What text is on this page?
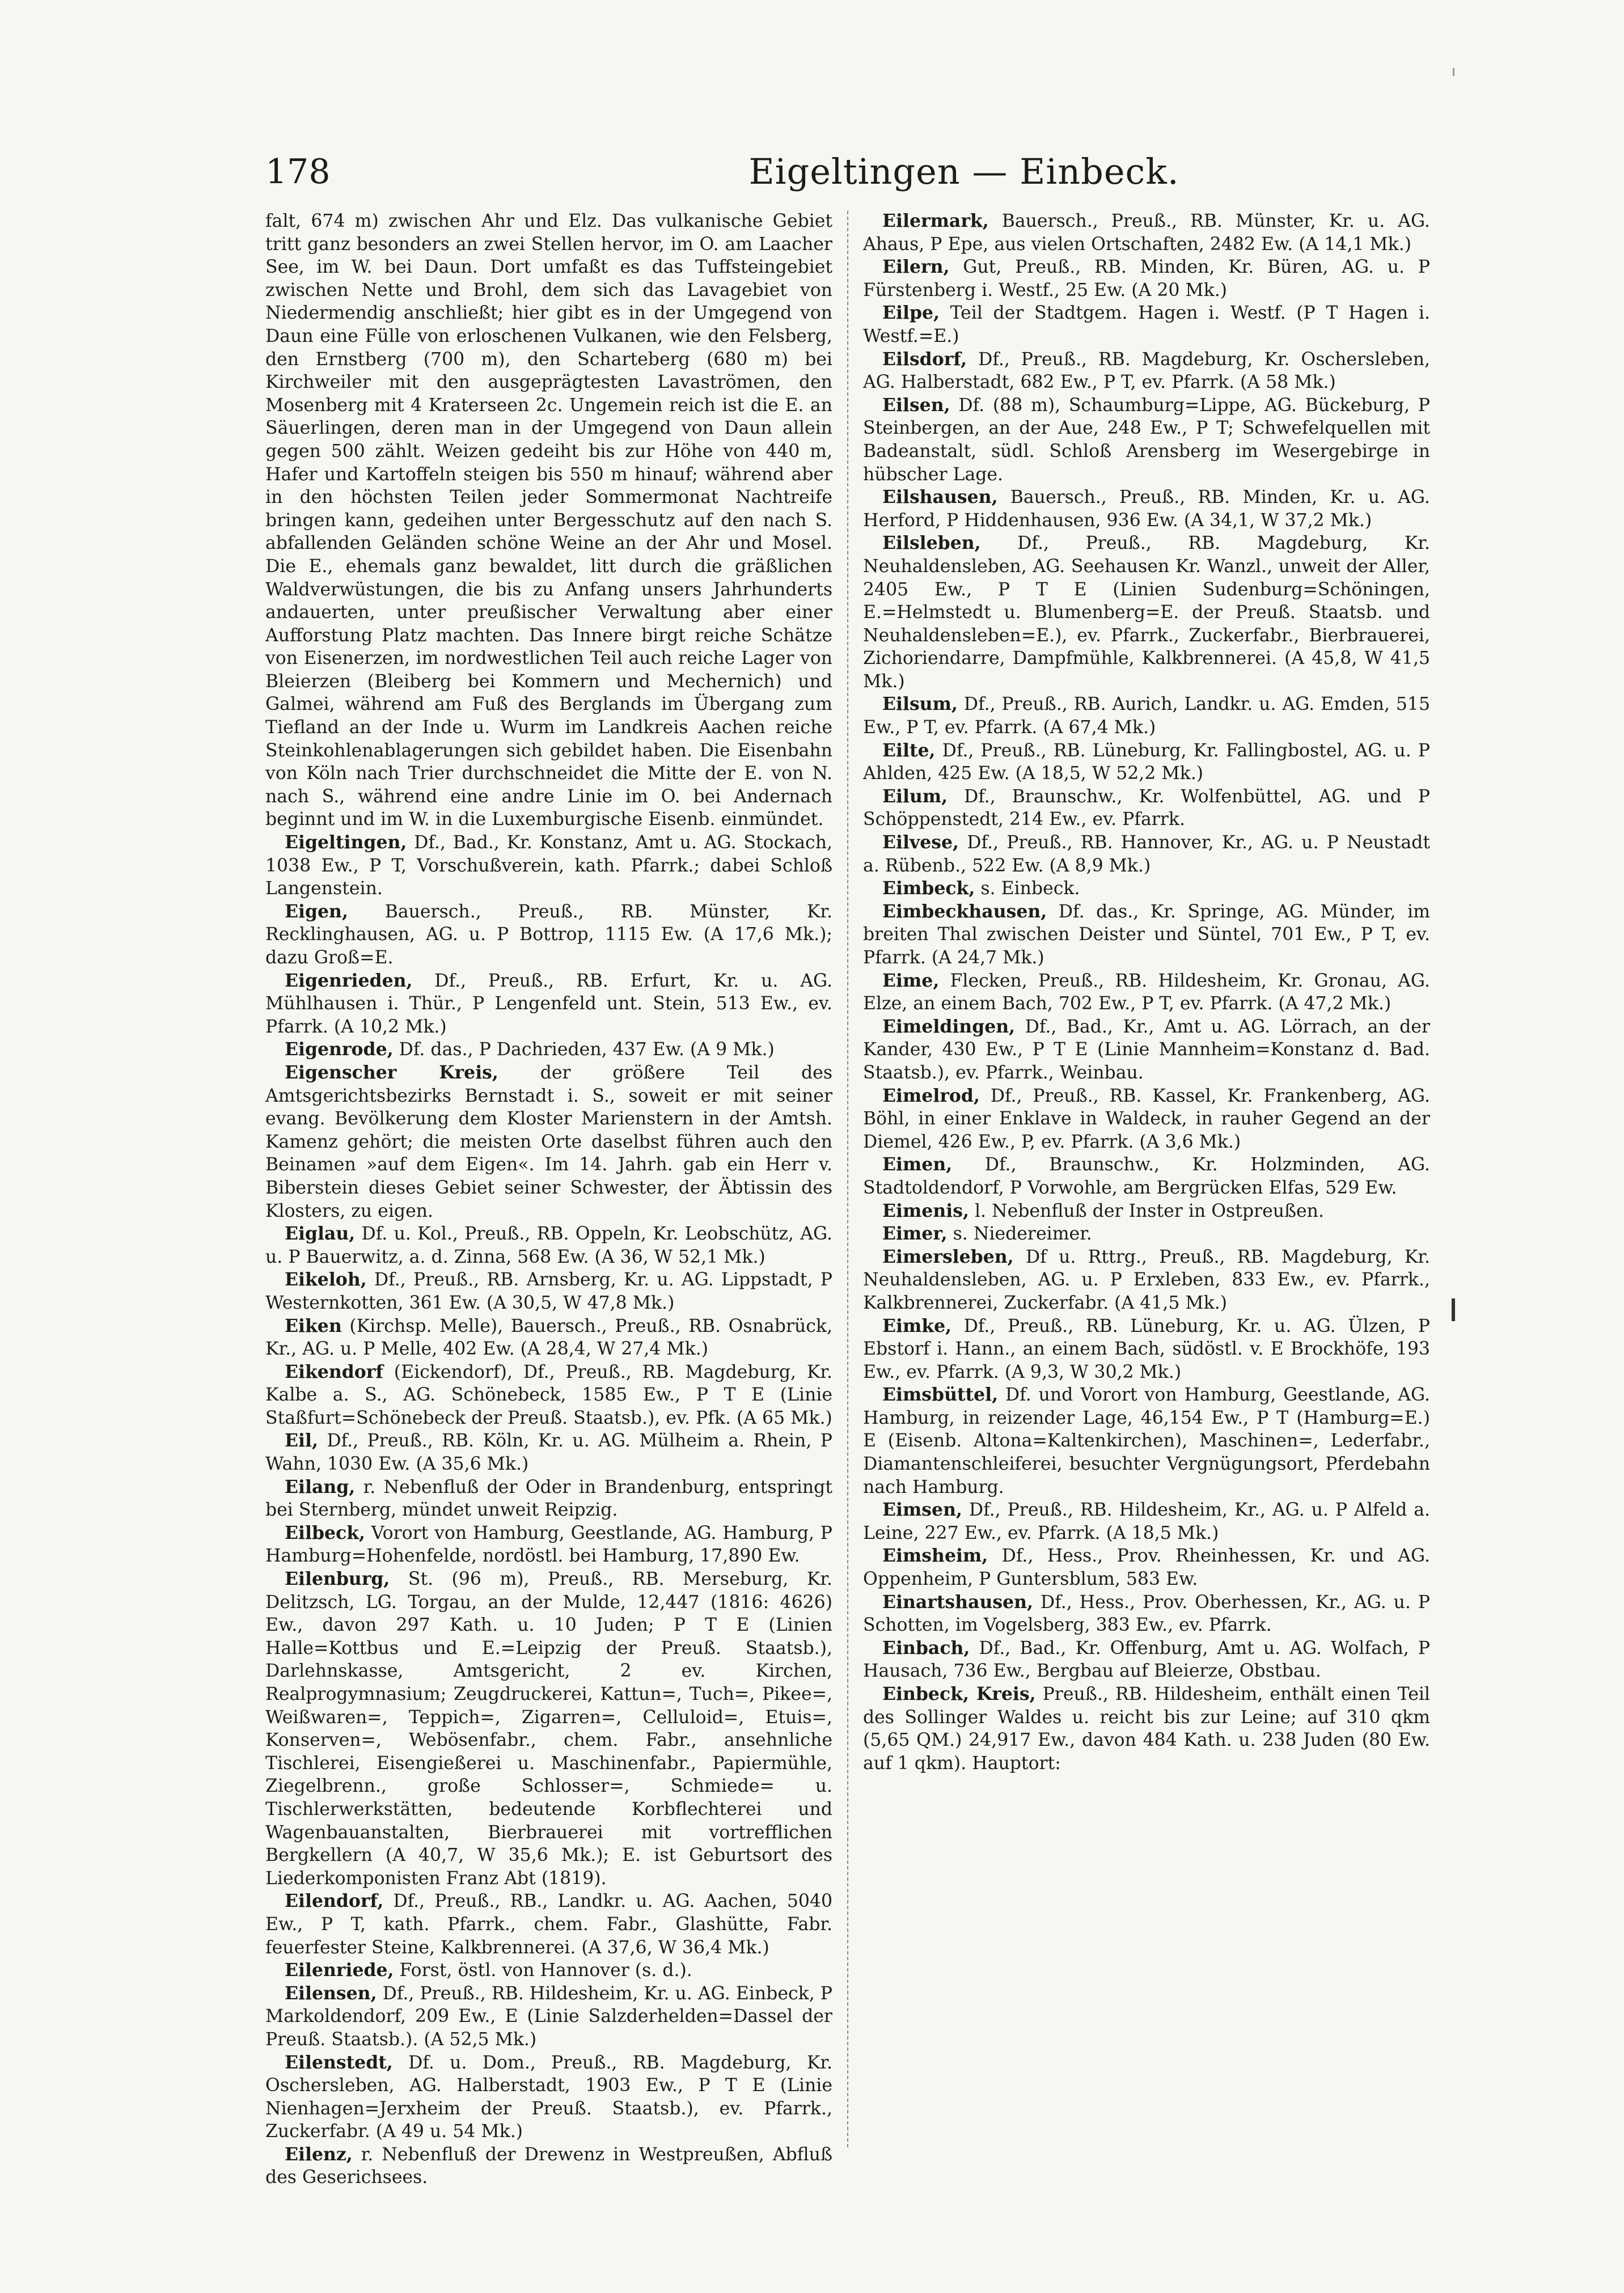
178	Eigeltingen — Einbeck.

falt, 674 m) zwischen Ahr und Elz. Das vulkanische Gebiet tritt ganz besonders an zwei Stellen hervor, im O. am Laacher See, im W. bei Daun. Dort umfaßt es das Tuffsteingebiet zwischen Nette und Brohl, dem sich das Lavagebiet von Niedermendig anschließt; hier gibt es in der Umgegend von Daun eine Fülle von erloschenen Vulkanen, wie den Felsberg, den Ernstberg (700 m), den Scharteberg (680 m) bei Kirchweiler mit den ausgeprägtesten Lavaströmen, den Mosenberg mit 4 Kraterseen 2c. Ungemein reich ist die E. an Säuerlingen, deren man in der Umgegend von Daun allein gegen 500 zählt. Weizen gedeiht bis zur Höhe von 440 m, Hafer und Kartoffeln steigen bis 550 m hinauf; während aber in den höchsten Teilen jeder Sommermonat Nachtreife bringen kann, gedeihen unter Bergesschutz auf den nach S. abfallenden Geländen schöne Weine an der Ahr und Mosel. Die E., ehemals ganz bewaldet, litt durch die gräßlichen Waldverwüstungen, die bis zu Anfang unsers Jahrhunderts andauerten, unter preußischer Verwaltung aber einer Aufforstung Platz machten. Das Innere birgt reiche Schätze von Eisenerzen, im nordwestlichen Teil auch reiche Lager von Bleierzen (Bleiberg bei Kommern und Mechernich) und Galmei, während am Fuß des Berglands im Übergang zum Tiefland an der Inde u. Wurm im Landkreis Aachen reiche Steinkohlenablagerungen sich gebildet haben. Die Eisenbahn von Köln nach Trier durchschneidet die Mitte der E. von N. nach S., während eine andre Linie im O. bei Andernach beginnt und im W. in die Luxemburgische Eisenb. einmündet.

Eigeltingen, Df., Bad., Kr. Konstanz, Amt u. AG. Stockach, 1038 Ew., P T, Vorschußverein, kath. Pfarrk.; dabei Schloß Langenstein.

Eigen, Bauersch., Preuß., RB. Münster, Kr. Recklinghausen, AG. u. P Bottrop, 1115 Ew. (A 17,6 Mk.); dazu Groß=E.

Eigenrieden, Df., Preuß., RB. Erfurt, Kr. u. AG. Mühlhausen i. Thür., P Lengenfeld unt. Stein, 513 Ew., ev. Pfarrk. (A 10,2 Mk.)

Eigenrode, Df. das., P Dachrieden, 437 Ew. (A 9 Mk.)

Eigenscher Kreis, der größere Teil des Amtsgerichtsbezirks Bernstadt i. S., soweit er mit seiner evang. Bevölkerung dem Kloster Marienstern in der Amtsh. Kamenz gehört; die meisten Orte daselbst führen auch den Beinamen »auf dem Eigen«. Im 14. Jahrh. gab ein Herr v. Biberstein dieses Gebiet seiner Schwester, der Äbtissin des Klosters, zu eigen.

Eiglau, Df. u. Kol., Preuß., RB. Oppeln, Kr. Leobschütz, AG. u. P Bauerwitz, a. d. Zinna, 568 Ew. (A 36, W 52,1 Mk.)

Eikeloh, Df., Preuß., RB. Arnsberg, Kr. u. AG. Lippstadt, P Westernkotten, 361 Ew. (A 30,5, W 47,8 Mk.)

Eiken (Kirchsp. Melle), Bauersch., Preuß., RB. Osnabrück, Kr., AG. u. P Melle, 402 Ew. (A 28,4, W 27,4 Mk.)

Eikendorf (Eickendorf), Df., Preuß., RB. Magdeburg, Kr. Kalbe a. S., AG. Schönebeck, 1585 Ew., P T E (Linie Staßfurt=Schönebeck der Preuß. Staatsb.), ev. Pfk. (A 65 Mk.)

Eil, Df., Preuß., RB. Köln, Kr. u. AG. Mülheim a. Rhein, P Wahn, 1030 Ew. (A 35,6 Mk.)

Eilang, r. Nebenfluß der Oder in Brandenburg, entspringt bei Sternberg, mündet unweit Reipzig.

Eilbeck, Vorort von Hamburg, Geestlande, AG. Hamburg, P Hamburg=Hohenfelde, nordöstl. bei Hamburg, 17,890 Ew.

Eilenburg, St. (96 m), Preuß., RB. Merseburg, Kr. Delitzsch, LG. Torgau, an der Mulde, 12,447 (1816: 4626) Ew., davon 297 Kath. u. 10 Juden; P T E (Linien Halle=Kottbus und E.=Leipzig der Preuß. Staatsb.), Darlehnskasse, Amtsgericht, 2 ev. Kirchen, Realprogymnasium; Zeugdruckerei, Kattun=, Tuch=, Pikee=, Weißwaren=, Teppich=, Zigarren=, Celluloid=, Etuis=, Konserven=, Webösenfabr., chem. Fabr., ansehnliche Tischlerei, Eisengießerei u. Maschinenfabr., Papiermühle, Ziegelbrenn., große Schlosser=, Schmiede= u. Tischlerwerkstätten, bedeutende Korbflechterei und Wagenbauanstalten, Bierbrauerei mit vortrefflichen Bergkellern (A 40,7, W 35,6 Mk.); E. ist Geburtsort des Liederkomponisten Franz Abt (1819).

Eilendorf, Df., Preuß., RB., Landkr. u. AG. Aachen, 5040 Ew., P T, kath. Pfarrk., chem. Fabr., Glashütte, Fabr. feuerfester Steine, Kalkbrennerei. (A 37,6, W 36,4 Mk.)

Eilenriede, Forst, östl. von Hannover (s. d.).

Eilensen, Df., Preuß., RB. Hildesheim, Kr. u. AG. Einbeck, P Markoldendorf, 209 Ew., E (Linie Salzderhelden=Dassel der Preuß. Staatsb.). (A 52,5 Mk.)

Eilenstedt, Df. u. Dom., Preuß., RB. Magdeburg, Kr. Oschersleben, AG. Halberstadt, 1903 Ew., P T E (Linie Nienhagen=Jerxheim der Preuß. Staatsb.), ev. Pfarrk., Zuckerfabr. (A 49 u. 54 Mk.)

Eilenz, r. Nebenfluß der Drewenz in Westpreußen, Abfluß des Geserichsees.

Eilermark, Bauersch., Preuß., RB. Münster, Kr. u. AG. Ahaus, P Epe, aus vielen Ortschaften, 2482 Ew. (A 14,1 Mk.)

Eilern, Gut, Preuß., RB. Minden, Kr. Büren, AG. u. P Fürstenberg i. Westf., 25 Ew. (A 20 Mk.)

Eilpe, Teil der Stadtgem. Hagen i. Westf. (P T Hagen i. Westf.=E.)

Eilsdorf, Df., Preuß., RB. Magdeburg, Kr. Oschersleben, AG. Halberstadt, 682 Ew., P T, ev. Pfarrk. (A 58 Mk.)

Eilsen, Df. (88 m), Schaumburg=Lippe, AG. Bückeburg, P Steinbergen, an der Aue, 248 Ew., P T; Schwefelquellen mit Badeanstalt, südl. Schloß Arensberg im Wesergebirge in hübscher Lage.

Eilshausen, Bauersch., Preuß., RB. Minden, Kr. u. AG. Herford, P Hiddenhausen, 936 Ew. (A 34,1, W 37,2 Mk.)

Eilsleben, Df., Preuß., RB. Magdeburg, Kr. Neuhaldensleben, AG. Seehausen Kr. Wanzl., unweit der Aller, 2405 Ew., P T E (Linien Sudenburg=Schöningen, E.=Helmstedt u. Blumenberg=E. der Preuß. Staatsb. und Neuhaldensleben=E.), ev. Pfarrk., Zuckerfabr., Bierbrauerei, Zichoriendarre, Dampfmühle, Kalkbrennerei. (A 45,8, W 41,5 Mk.)

Eilsum, Df., Preuß., RB. Aurich, Landkr. u. AG. Emden, 515 Ew., P T, ev. Pfarrk. (A 67,4 Mk.)

Eilte, Df., Preuß., RB. Lüneburg, Kr. Fallingbostel, AG. u. P Ahlden, 425 Ew. (A 18,5, W 52,2 Mk.)

Eilum, Df., Braunschw., Kr. Wolfenbüttel, AG. und P Schöppenstedt, 214 Ew., ev. Pfarrk.

Eilvese, Df., Preuß., RB. Hannover, Kr., AG. u. P Neustadt a. Rübenb., 522 Ew. (A 8,9 Mk.)

Eimbeck, s. Einbeck.

Eimbeckhausen, Df. das., Kr. Springe, AG. Münder, im breiten Thal zwischen Deister und Süntel, 701 Ew., P T, ev. Pfarrk. (A 24,7 Mk.)

Eime, Flecken, Preuß., RB. Hildesheim, Kr. Gronau, AG. Elze, an einem Bach, 702 Ew., P T, ev. Pfarrk. (A 47,2 Mk.)

Eimeldingen, Df., Bad., Kr., Amt u. AG. Lörrach, an der Kander, 430 Ew., P T E (Linie Mannheim=Konstanz d. Bad. Staatsb.), ev. Pfarrk., Weinbau.

Eimelrod, Df., Preuß., RB. Kassel, Kr. Frankenberg, AG. Böhl, in einer Enklave in Waldeck, in rauher Gegend an der Diemel, 426 Ew., P, ev. Pfarrk. (A 3,6 Mk.)

Eimen, Df., Braunschw., Kr. Holzminden, AG. Stadtoldendorf, P Vorwohle, am Bergrücken Elfas, 529 Ew.

Eimenis, l. Nebenfluß der Inster in Ostpreußen.

Eimer, s. Niedereimer.

Eimersleben, Df u. Rttrg., Preuß., RB. Magdeburg, Kr. Neuhaldensleben, AG. u. P Erxleben, 833 Ew., ev. Pfarrk., Kalkbrennerei, Zuckerfabr. (A 41,5 Mk.)

Eimke, Df., Preuß., RB. Lüneburg, Kr. u. AG. Ülzen, P Ebstorf i. Hann., an einem Bach, südöstl. v. E Brockhöfe, 193 Ew., ev. Pfarrk. (A 9,3, W 30,2 Mk.)

Eimsbüttel, Df. und Vorort von Hamburg, Geestlande, AG. Hamburg, in reizender Lage, 46,154 Ew., P T (Hamburg=E.) E (Eisenb. Altona=Kaltenkirchen), Maschinen=, Lederfabr., Diamantenschleiferei, besuchter Vergnügungsort, Pferdebahn nach Hamburg.

Eimsen, Df., Preuß., RB. Hildesheim, Kr., AG. u. P Alfeld a. Leine, 227 Ew., ev. Pfarrk. (A 18,5 Mk.)

Eimsheim, Df., Hess., Prov. Rheinhessen, Kr. und AG. Oppenheim, P Guntersblum, 583 Ew.

Einartshausen, Df., Hess., Prov. Oberhessen, Kr., AG. u. P Schotten, im Vogelsberg, 383 Ew., ev. Pfarrk.

Einbach, Df., Bad., Kr. Offenburg, Amt u. AG. Wolfach, P Hausach, 736 Ew., Bergbau auf Bleierze, Obstbau.

Einbeck, Kreis, Preuß., RB. Hildesheim, enthält einen Teil des Sollinger Waldes u. reicht bis zur Leine; auf 310 qkm (5,65 QM.) 24,917 Ew., davon 484 Kath. u. 238 Juden (80 Ew. auf 1 qkm). Hauptort:
